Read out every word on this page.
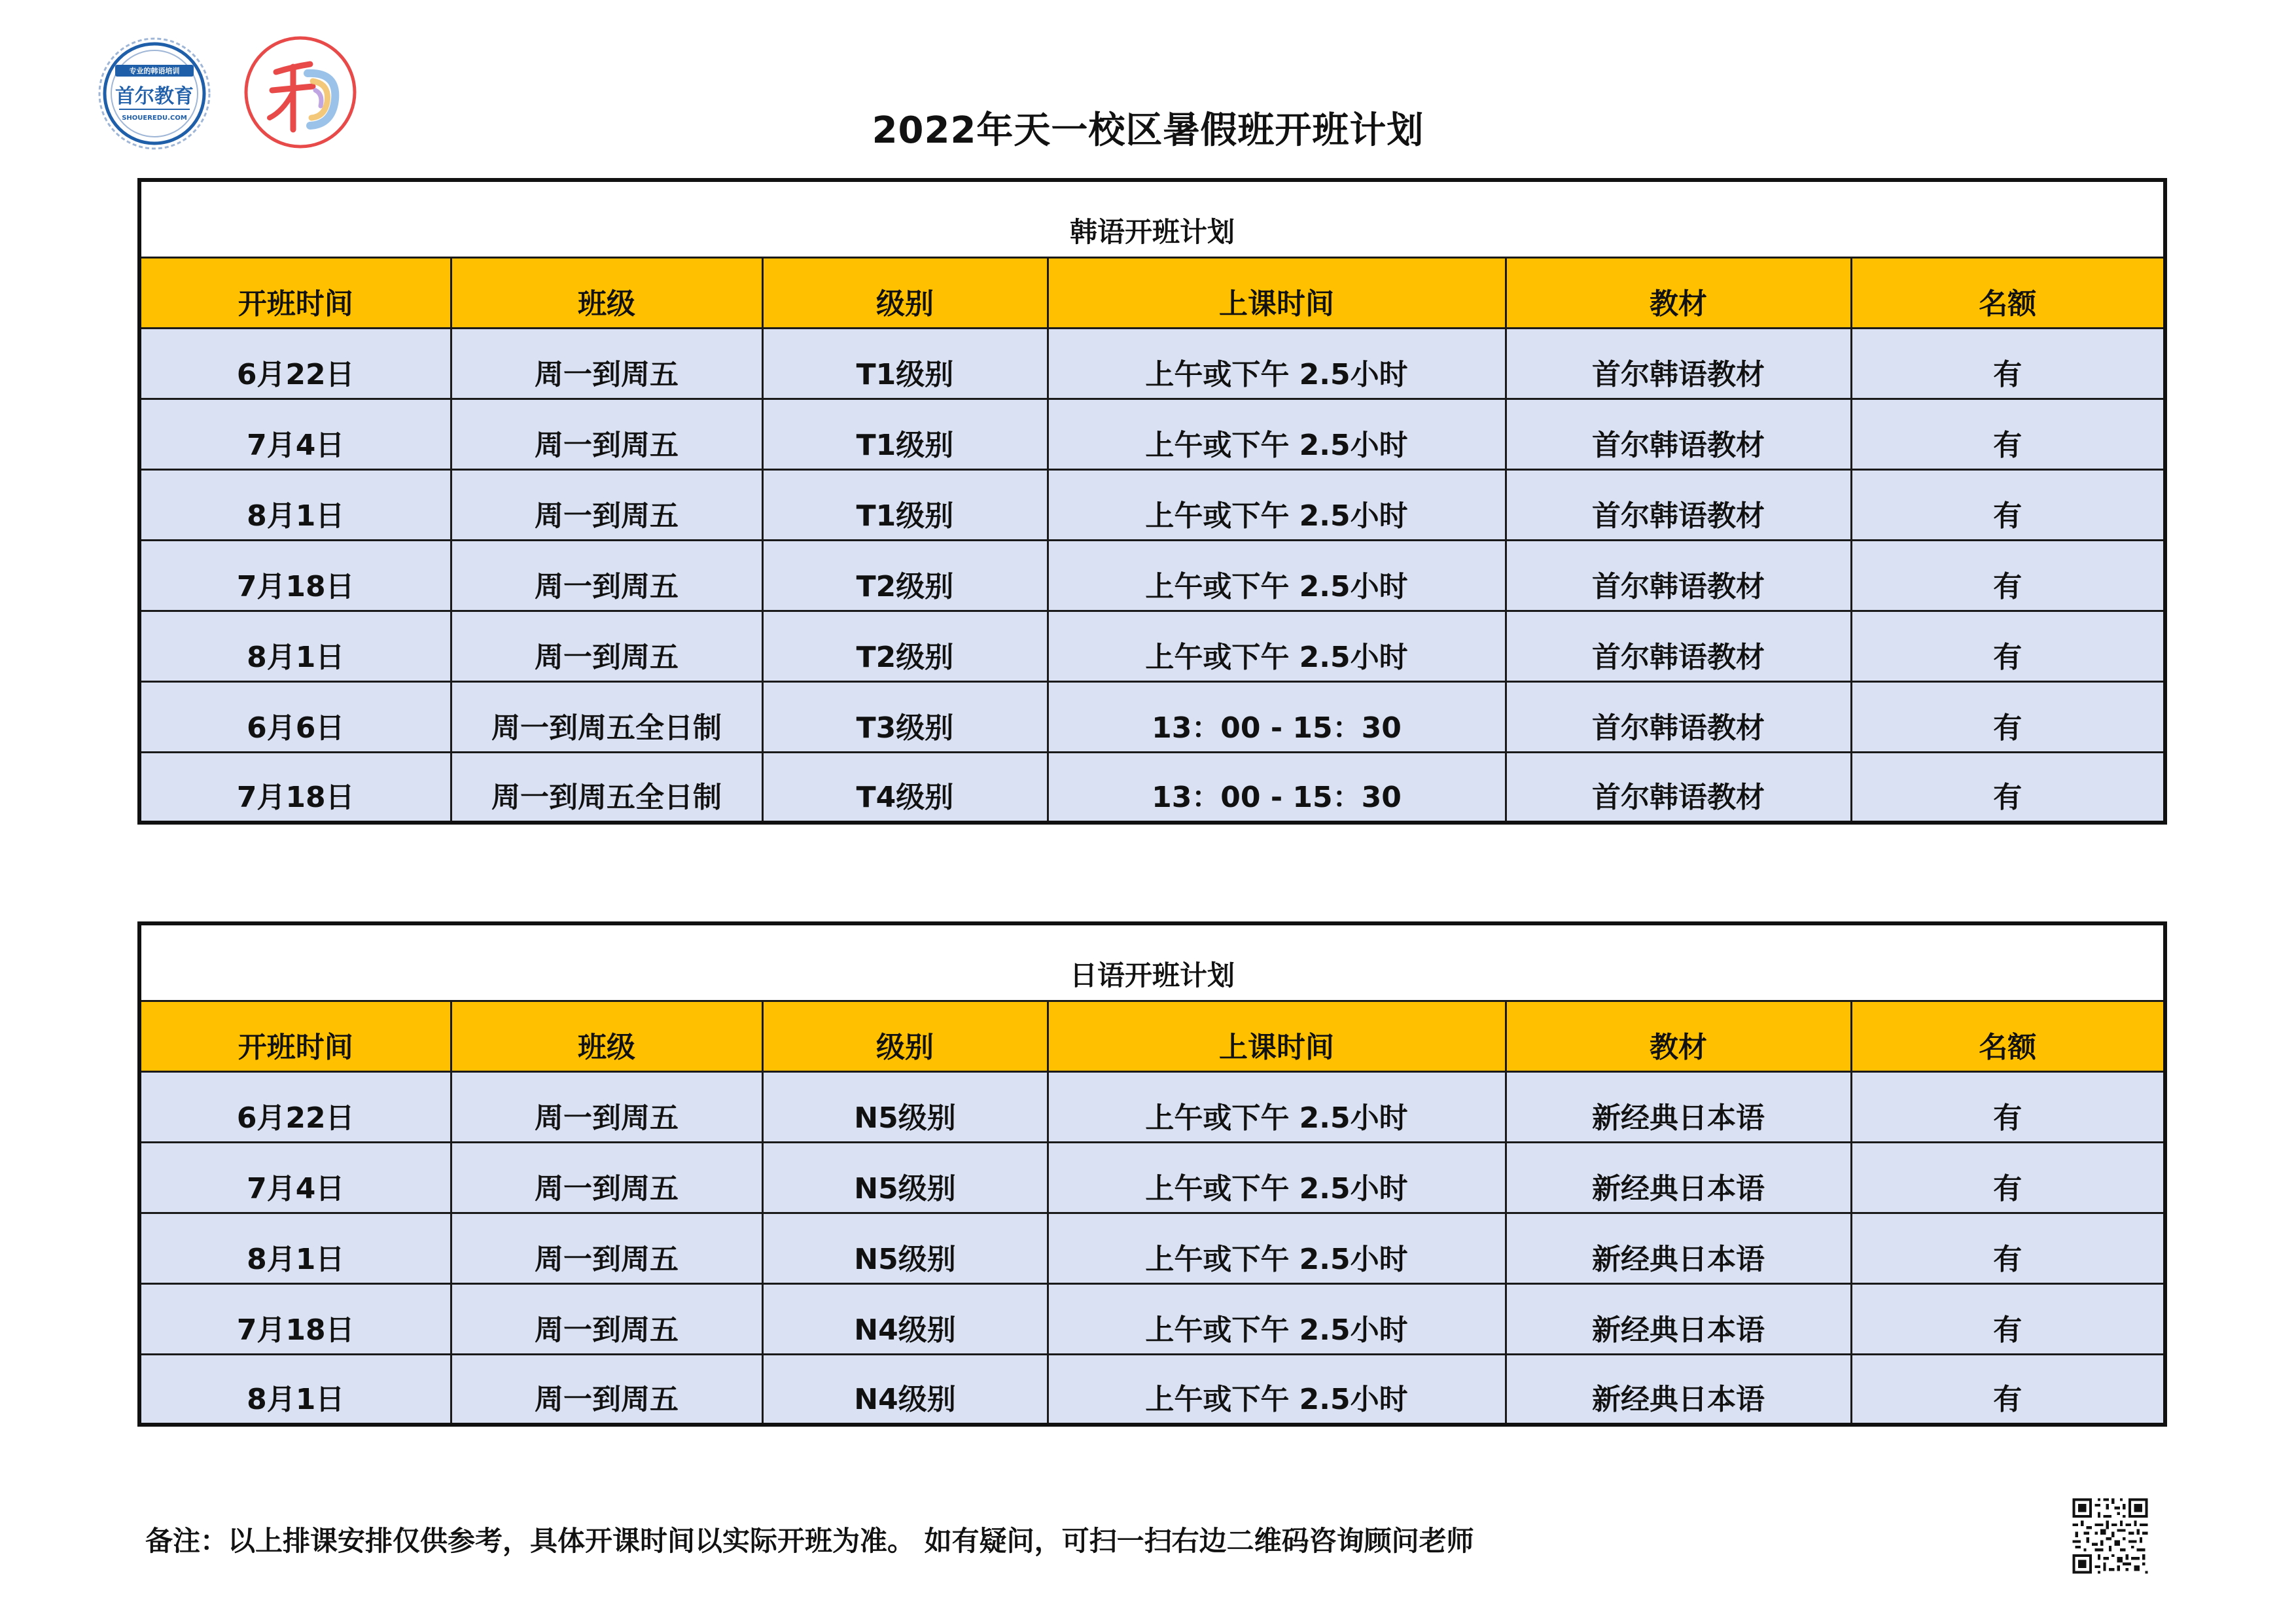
专业的韩语培训
首尔教育
SHOUEREDU.COM	2022年天一校区暑假班开班计划
韩语开班计划					
开班时间	班级	级别	上课时间	教材	名额
6月22日	周一到周五	T1级别	上午或下午 2.5小时	首尔韩语教材	有
7月4日	周一到周五	T1级别	上午或下午 2.5小时	首尔韩语教材	有
8月1日	周一到周五	T1级别	上午或下午 2.5小时	首尔韩语教材	有
7月18日	周一到周五	T2级别	上午或下午 2.5小时	首尔韩语教材	有
8月1日	周一到周五	T2级别	上午或下午 2.5小时	首尔韩语教材	有
6月6日	周一到周五全日制	T3级别	13：00 - 15：30	首尔韩语教材	有
7月18日	周一到周五全日制	T4级别	13：00 - 15：30	首尔韩语教材	有
日语开班计划					
开班时间	班级	级别	上课时间	教材	名额
6月22日	周一到周五	N5级别	上午或下午 2.5小时	新经典日本语	有
7月4日	周一到周五	N5级别	上午或下午 2.5小时	新经典日本语	有
8月1日	周一到周五	N5级别	上午或下午 2.5小时	新经典日本语	有
7月18日	周一到周五	N4级别	上午或下午 2.5小时	新经典日本语	有
8月1日	周一到周五	N4级别	上午或下午 2.5小时	新经典日本语	有
备注：以上排课安排仅供参考，具体开课时间以实际开班为准。 如有疑问，可扫一扫右边二维码咨询顾问老师
